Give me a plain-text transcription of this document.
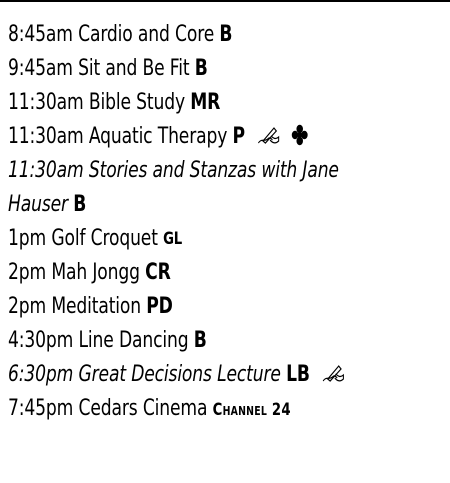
8:45am Cardio and Core B
9:45am Sit and Be Fit B
11:30am Bible Study MR
11:30am Aquatic Therapy P

11:30am Stories and Stanzas with Jane
Hauser B
1pm Golf Croquet GL
2pm Mah Jongg CR
2pm Meditation PD
4:30pm Line Dancing B
6:30pm Great Decisions Lecture LB
7:45pm Cedars Cinema Channel 24
